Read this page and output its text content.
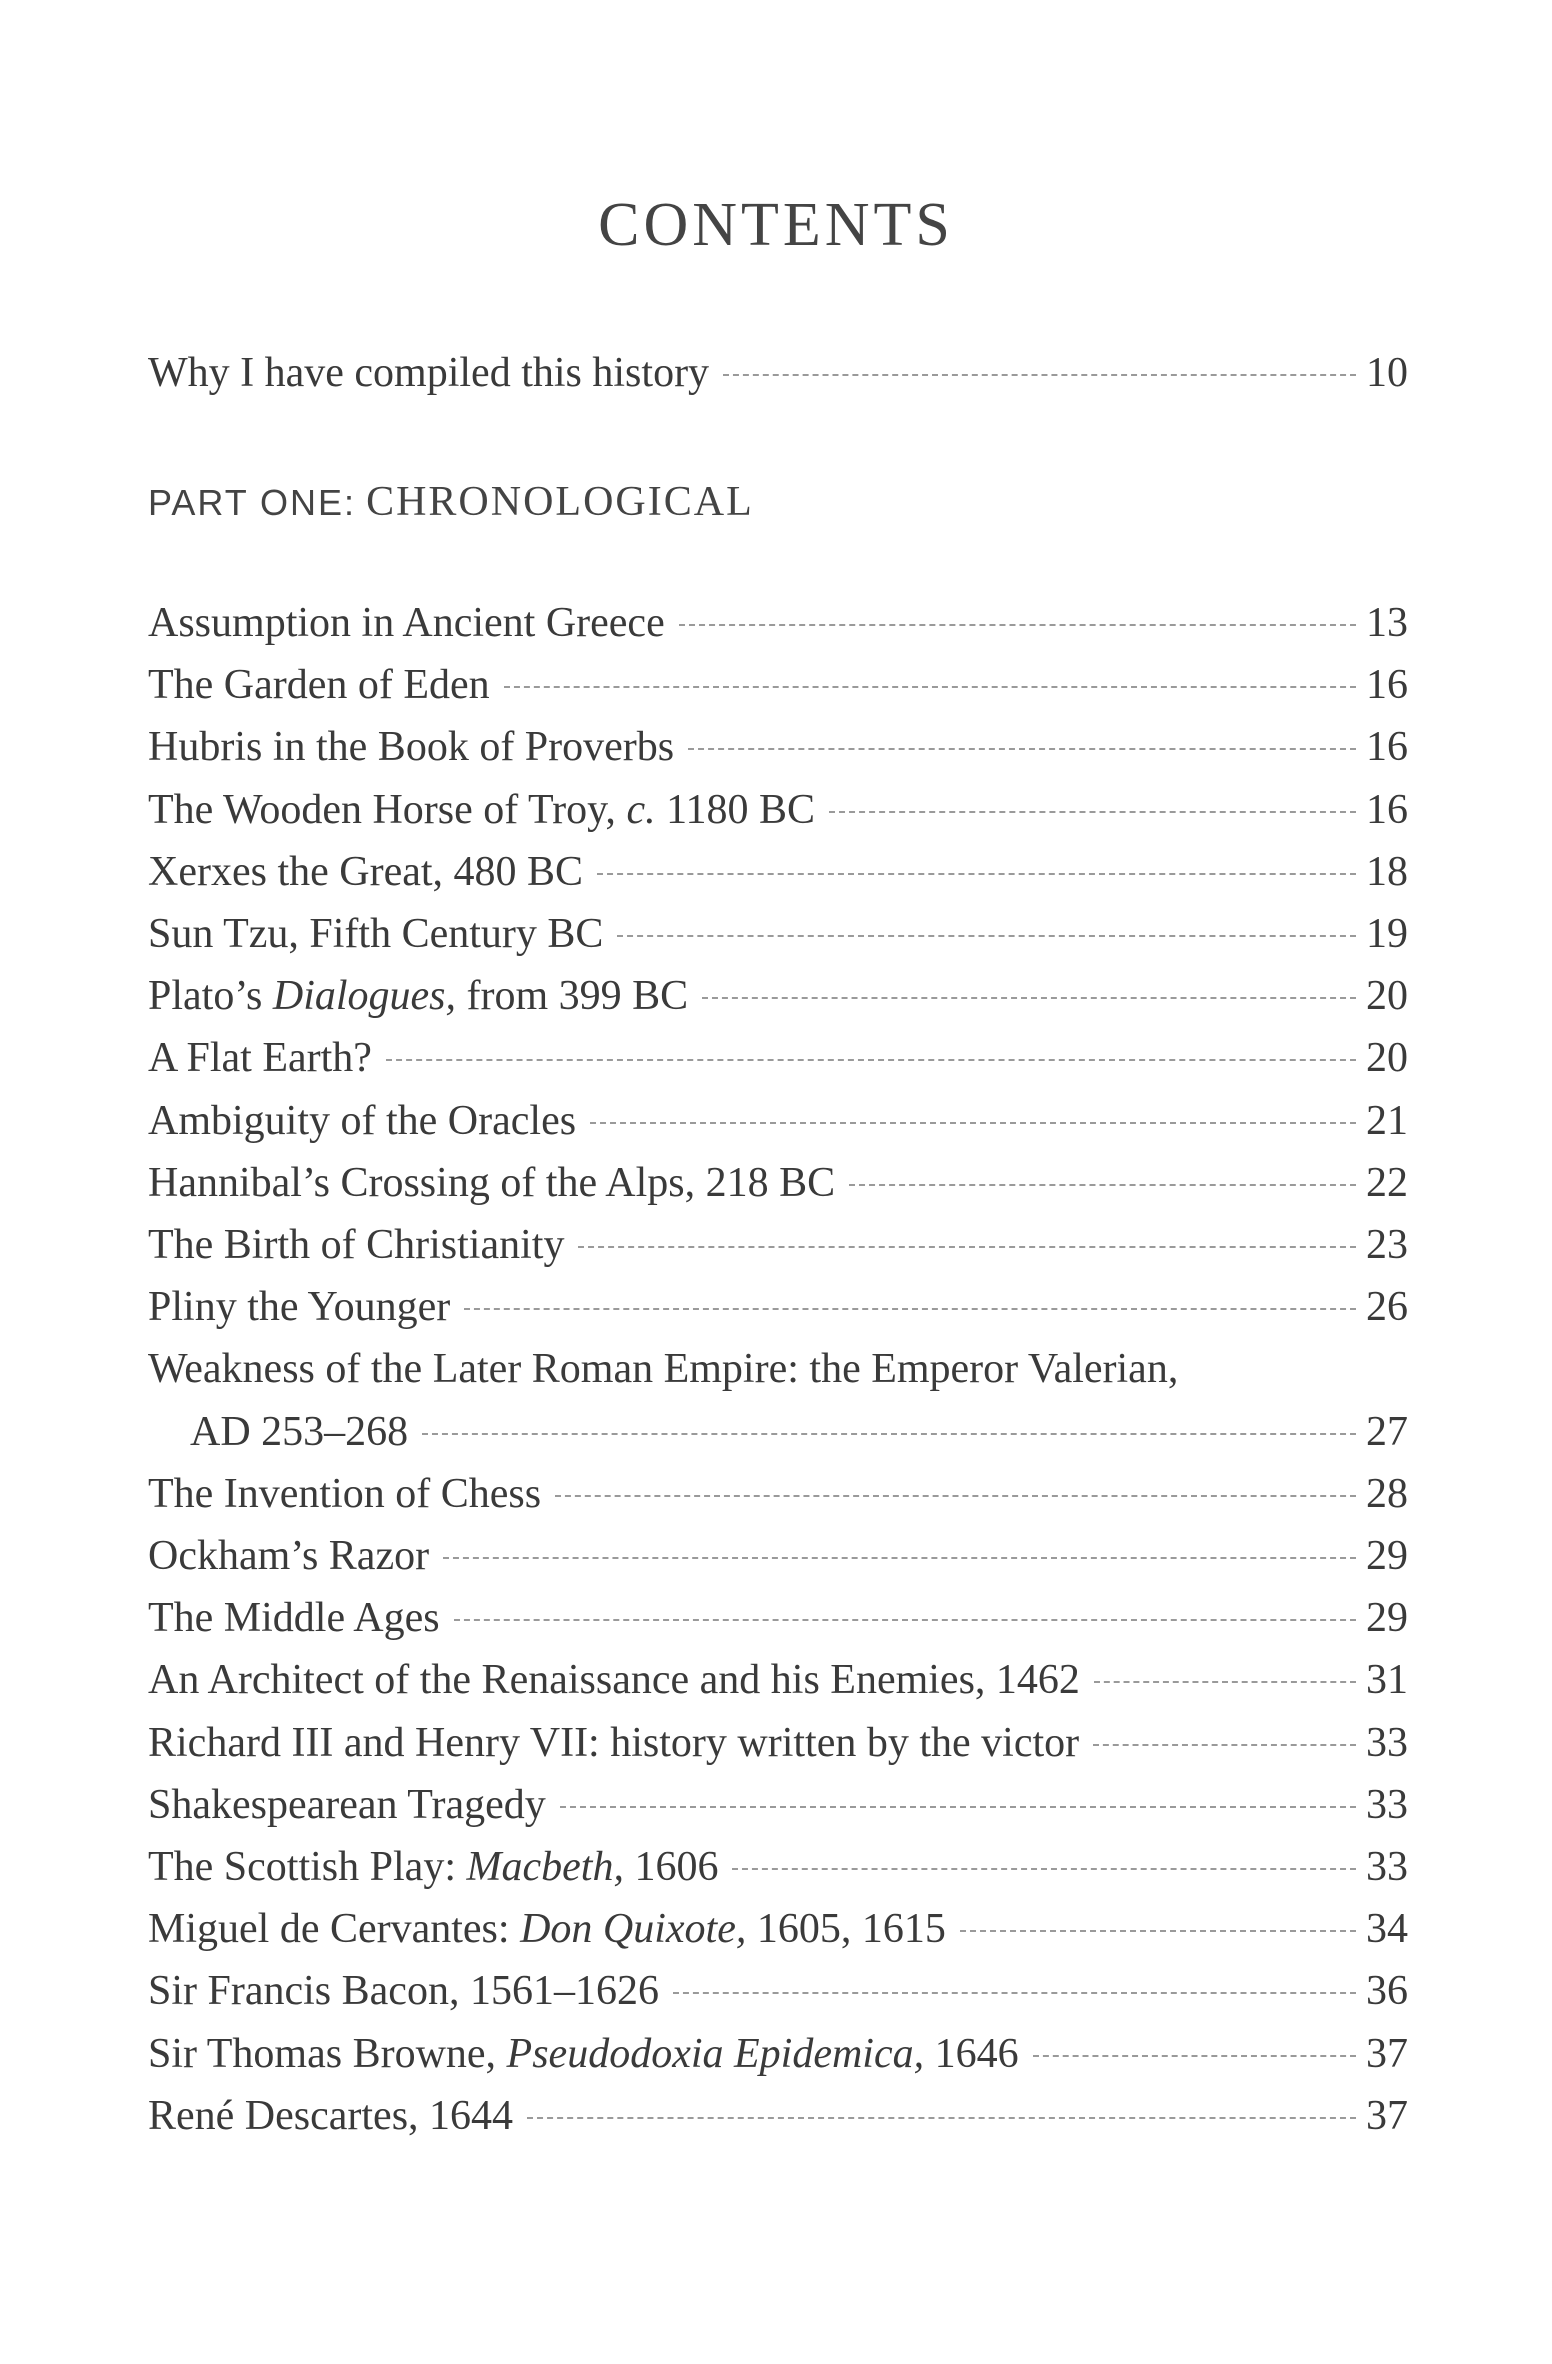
CONTENTS
Why I have compiled this history	10
PART ONE: CHRONOLOGICAL
Assumption in Ancient Greece	13
The Garden of Eden	16
Hubris in the Book of Proverbs	16
The Wooden Horse of Troy, c. 1180 BC	16
Xerxes the Great, 480 BC	18
Sun Tzu, Fifth Century BC	19
Plato’s Dialogues, from 399 BC	20
A Flat Earth?	20
Ambiguity of the Oracles	21
Hannibal’s Crossing of the Alps, 218 BC	22
The Birth of Christianity	23
Pliny the Younger	26
Weakness of the Later Roman Empire: the Emperor Valerian,
AD 253–268	27
The Invention of Chess	28
Ockham’s Razor	29
The Middle Ages	29
An Architect of the Renaissance and his Enemies, 1462	31
Richard III and Henry VII: history written by the victor	33
Shakespearean Tragedy	33
The Scottish Play: Macbeth, 1606	33
Miguel de Cervantes: Don Quixote, 1605, 1615	34
Sir Francis Bacon, 1561–1626	36
Sir Thomas Browne, Pseudodoxia Epidemica, 1646	37
René Descartes, 1644	37
